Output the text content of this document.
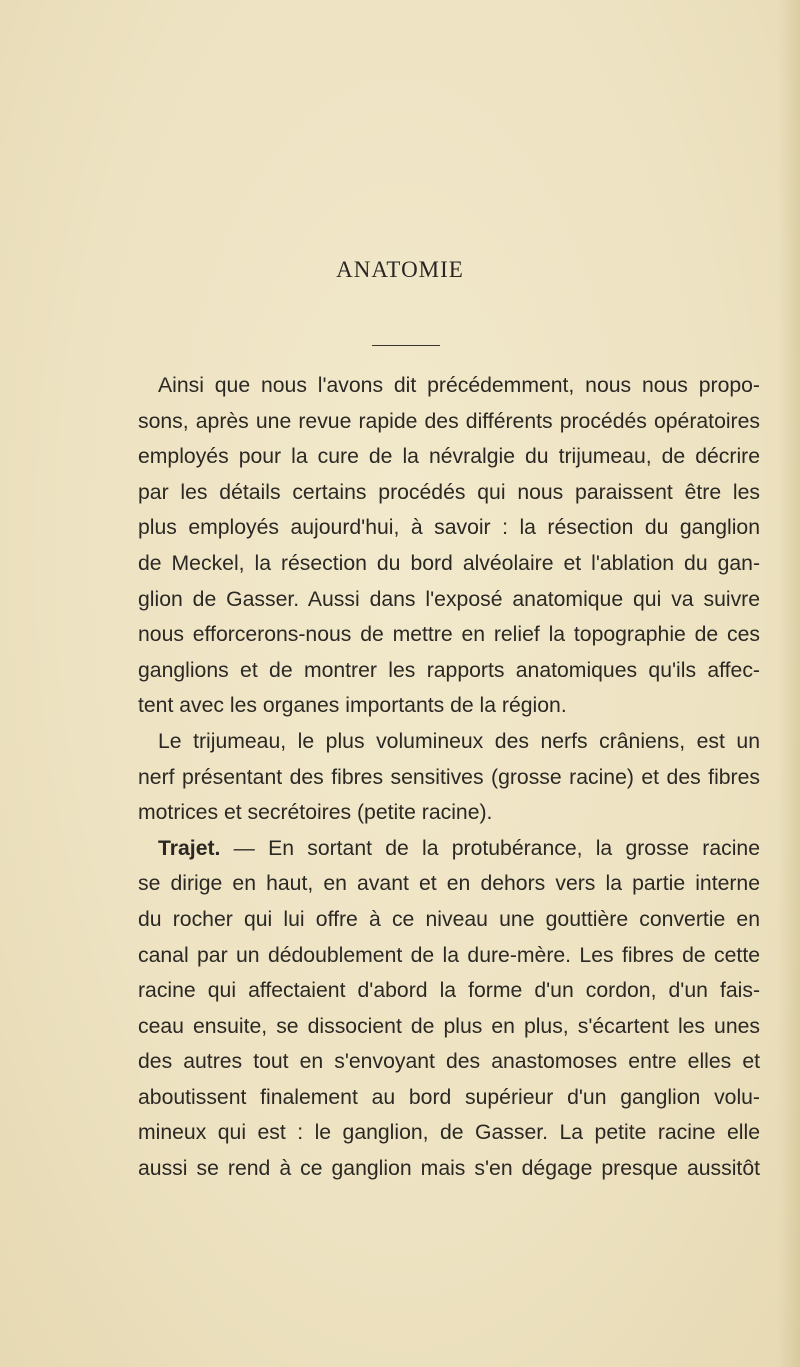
ANATOMIE
Ainsi que nous l'avons dit précédemment, nous nous propo-
sons, après une revue rapide des différents procédés opératoires
employés pour la cure de la névralgie du trijumeau, de décrire
par les détails certains procédés qui nous paraissent être les
plus employés aujourd'hui, à savoir : la résection du ganglion
de Meckel, la résection du bord alvéolaire et l'ablation du gan-
glion de Gasser. Aussi dans l'exposé anatomique qui va suivre
nous efforcerons-nous de mettre en relief la topographie de ces
ganglions et de montrer les rapports anatomiques qu'ils affec-
tent avec les organes importants de la région.
Le trijumeau, le plus volumineux des nerfs crâniens, est un
nerf présentant des fibres sensitives (grosse racine) et des fibres
motrices et secrétoires (petite racine).
Trajet. — En sortant de la protubérance, la grosse racine
se dirige en haut, en avant et en dehors vers la partie interne
du rocher qui lui offre à ce niveau une gouttière convertie en
canal par un dédoublement de la dure-mère. Les fibres de cette
racine qui affectaient d'abord la forme d'un cordon, d'un fais-
ceau ensuite, se dissocient de plus en plus, s'écartent les unes
des autres tout en s'envoyant des anastomoses entre elles et
aboutissent finalement au bord supérieur d'un ganglion volu-
mineux qui est : le ganglion, de Gasser. La petite racine elle
aussi se rend à ce ganglion mais s'en dégage presque aussitôt
